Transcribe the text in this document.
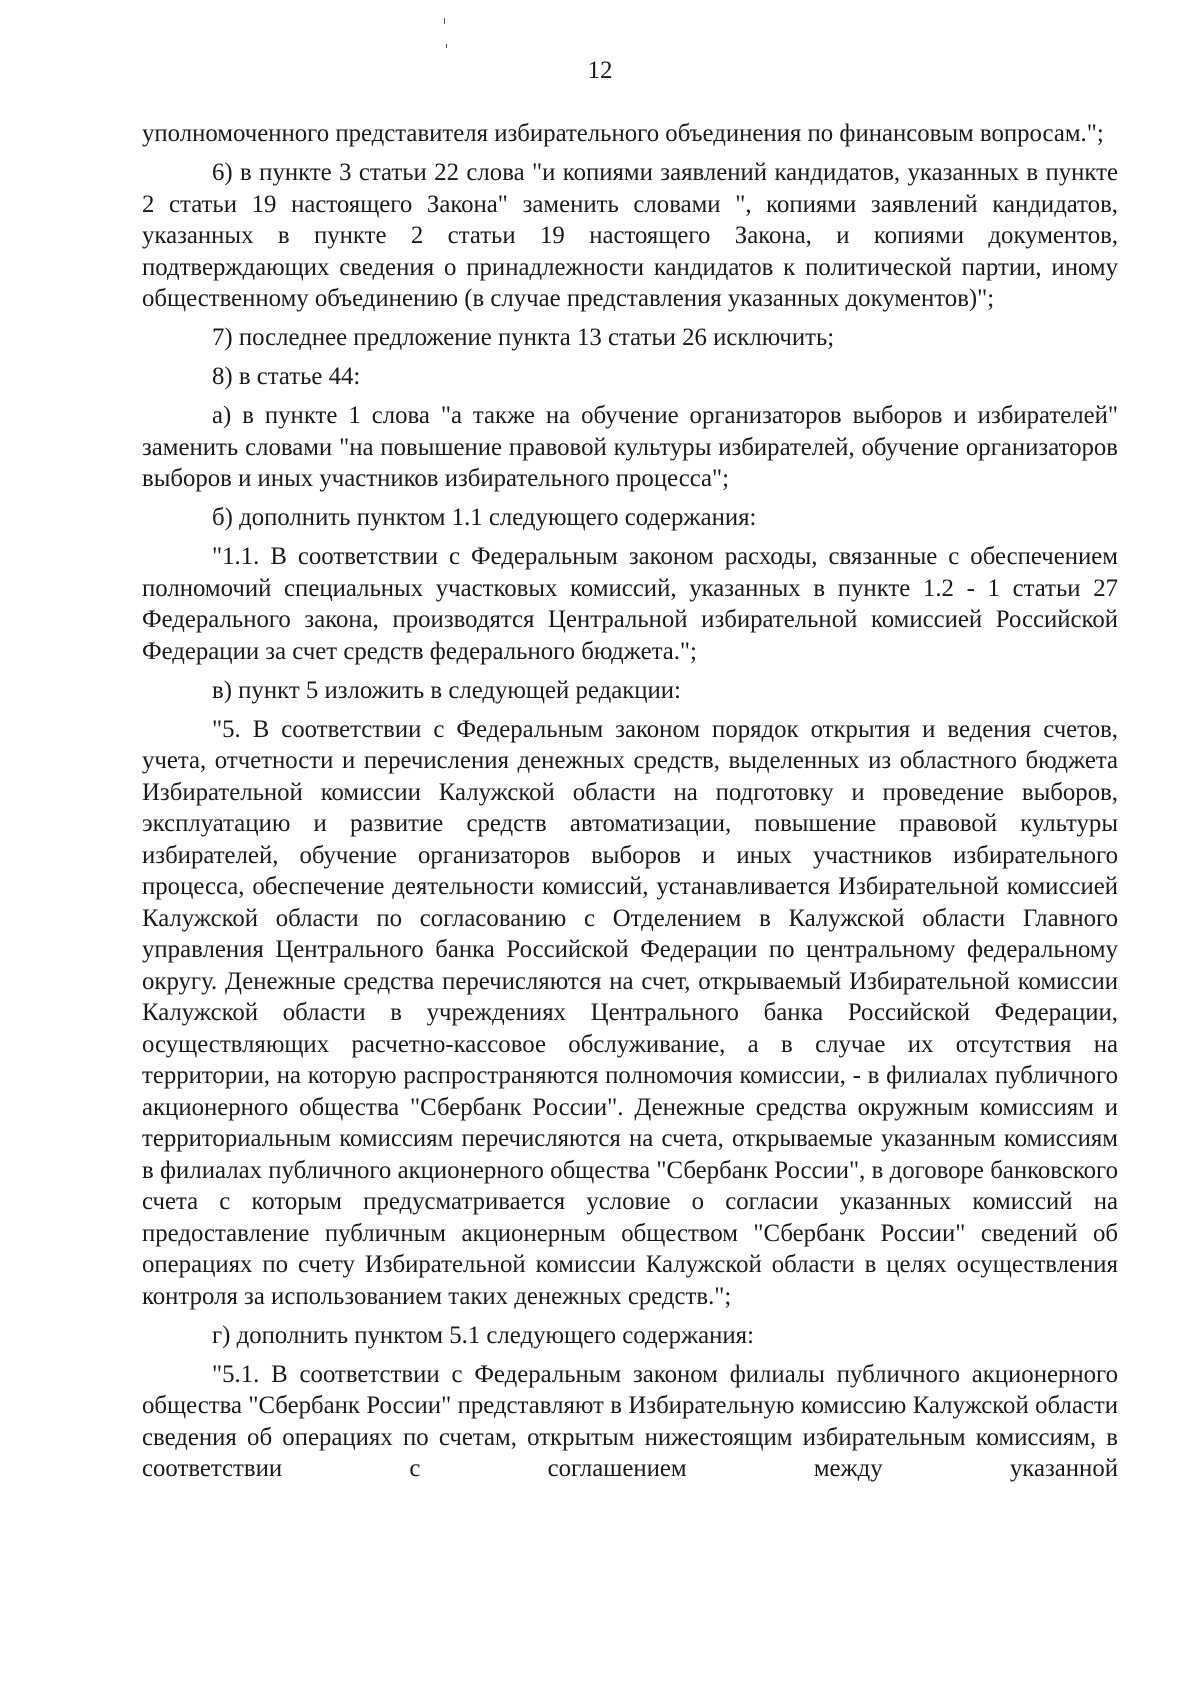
12

уполномоченного представителя избирательного объединения по финансовым вопросам.";

6) в пункте 3 статьи 22 слова "и копиями заявлений кандидатов, указанных в пункте 2 статьи 19 настоящего Закона" заменить словами ", копиями заявлений кандидатов, указанных в пункте 2 статьи 19 настоящего Закона, и копиями документов, подтверждающих сведения о принадлежности кандидатов к политической партии, иному общественному объединению (в случае представления указанных документов)";

7) последнее предложение пункта 13 статьи 26 исключить;

8) в статье 44:

а) в пункте 1 слова "а также на обучение организаторов выборов и избирателей" заменить словами "на повышение правовой культуры избирателей, обучение организаторов выборов и иных участников избирательного процесса";

б) дополнить пунктом 1.1 следующего содержания:

"1.1. В соответствии с Федеральным законом расходы, связанные с обеспечением полномочий специальных участковых комиссий, указанных в пункте 1.2 - 1 статьи 27 Федерального закона, производятся Центральной избирательной комиссией Российской Федерации за счет средств федерального бюджета.";

в) пункт 5 изложить в следующей редакции:

"5. В соответствии с Федеральным законом порядок открытия и ведения счетов, учета, отчетности и перечисления денежных средств, выделенных из областного бюджета Избирательной комиссии Калужской области на подготовку и проведение выборов, эксплуатацию и развитие средств автоматизации, повышение правовой культуры избирателей, обучение организаторов выборов и иных участников избирательного процесса, обеспечение деятельности комиссий, устанавливается Избирательной комиссией Калужской области по согласованию с Отделением в Калужской области Главного управления Центрального банка Российской Федерации по центральному федеральному округу. Денежные средства перечисляются на счет, открываемый Избирательной комиссии Калужской области в учреждениях Центрального банка Российской Федерации, осуществляющих расчетно-кассовое обслуживание, а в случае их отсутствия на территории, на которую распространяются полномочия комиссии, - в филиалах публичного акционерного общества "Сбербанк России". Денежные средства окружным комиссиям и территориальным комиссиям перечисляются на счета, открываемые указанным комиссиям в филиалах публичного акционерного общества "Сбербанк России", в договоре банковского счета с которым предусматривается условие о согласии указанных комиссий на предоставление публичным акционерным обществом "Сбербанк России" сведений об операциях по счету Избирательной комиссии Калужской области в целях осуществления контроля за использованием таких денежных средств.";

г) дополнить пунктом 5.1 следующего содержания:

"5.1. В соответствии с Федеральным законом филиалы публичного акционерного общества "Сбербанк России" представляют в Избирательную комиссию Калужской области сведения об операциях по счетам, открытым нижестоящим избирательным комиссиям, в соответствии с соглашением между указанной
